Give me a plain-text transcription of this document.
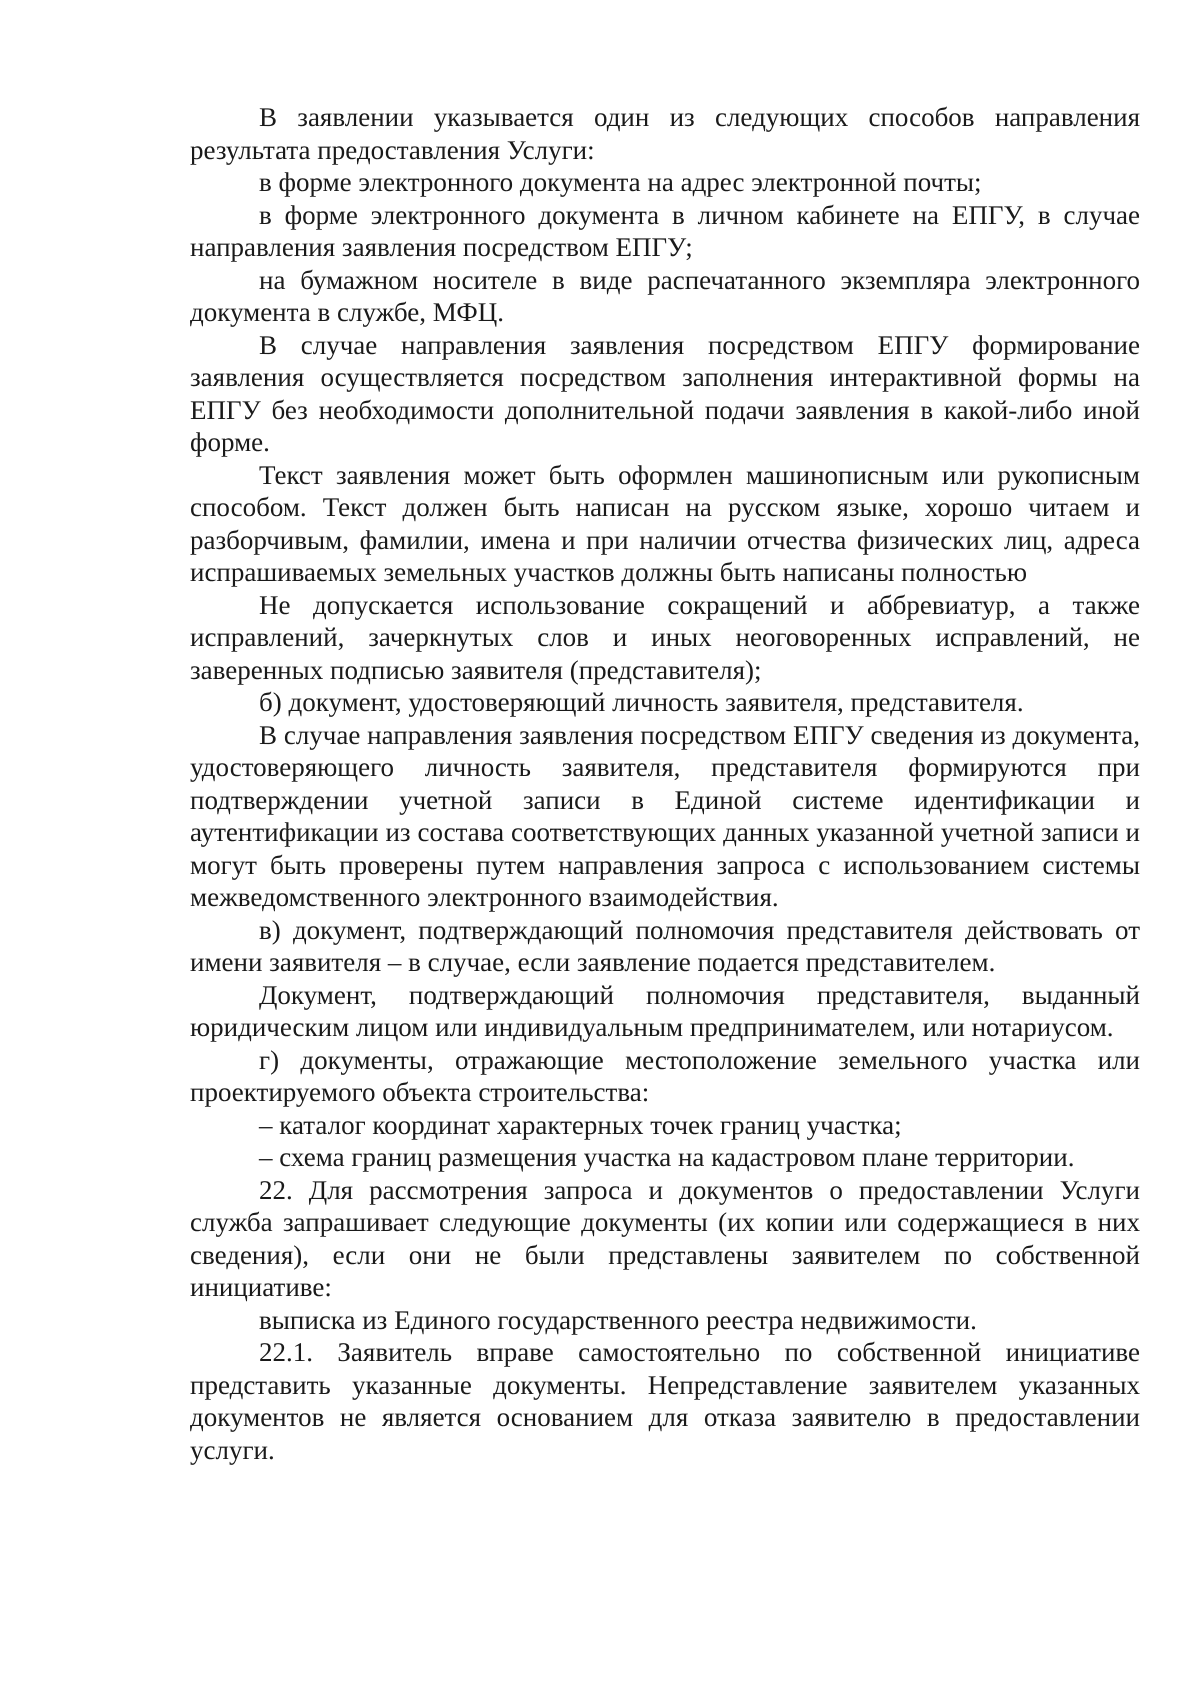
В заявлении указывается один из следующих способов направления результата предоставления Услуги:

в форме электронного документа на адрес электронной почты;

в форме электронного документа в личном кабинете на ЕПГУ, в случае направления заявления посредством ЕПГУ;

на бумажном носителе в виде распечатанного экземпляра электронного документа в службе, МФЦ.

В случае направления заявления посредством ЕПГУ формирование заявления осуществляется посредством заполнения интерактивной формы на ЕПГУ без необходимости дополнительной подачи заявления в какой-либо иной форме.

Текст заявления может быть оформлен машинописным или рукописным способом. Текст должен быть написан на русском языке, хорошо читаем и разборчивым, фамилии, имена и при наличии отчества физических лиц, адреса испрашиваемых земельных участков должны быть написаны полностью

Не допускается использование сокращений и аббревиатур, а также исправлений, зачеркнутых слов и иных неоговоренных исправлений, не заверенных подписью заявителя (представителя);

б) документ, удостоверяющий личность заявителя, представителя.

В случае направления заявления посредством ЕПГУ сведения из документа, удостоверяющего личность заявителя, представителя формируются при подтверждении учетной записи в Единой системе идентификации и аутентификации из состава соответствующих данных указанной учетной записи и могут быть проверены путем направления запроса с использованием системы межведомственного электронного взаимодействия.

в) документ, подтверждающий полномочия представителя действовать от имени заявителя – в случае, если заявление подается представителем.

Документ, подтверждающий полномочия представителя, выданный юридическим лицом или индивидуальным предпринимателем, или нотариусом.

г) документы, отражающие местоположение земельного участка или проектируемого объекта строительства:

– каталог координат характерных точек границ участка;

– схема границ размещения участка на кадастровом плане территории.

22. Для рассмотрения запроса и документов о предоставлении Услуги служба запрашивает следующие документы (их копии или содержащиеся в них сведения), если они не были представлены заявителем по собственной инициативе:

выписка из Единого государственного реестра недвижимости.

22.1. Заявитель вправе самостоятельно по собственной инициативе представить указанные документы. Непредставление заявителем указанных документов не является основанием для отказа заявителю в предоставлении услуги.
